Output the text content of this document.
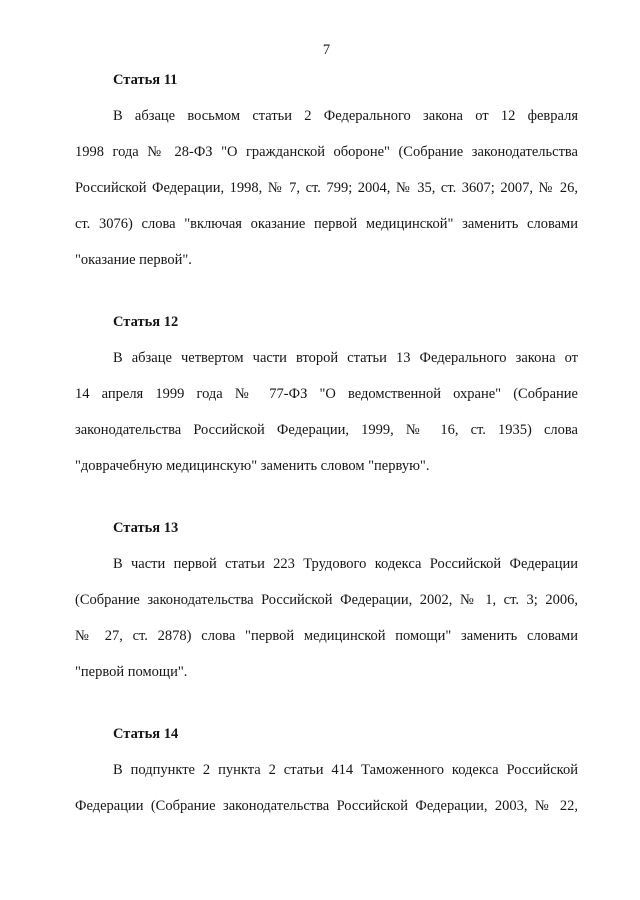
7
Статья 11
В абзаце восьмом статьи 2 Федерального закона от 12 февраля
1998 года № 28-ФЗ "О гражданской обороне" (Собрание законодательства
Российской Федерации, 1998, № 7, ст. 799; 2004, № 35, ст. 3607; 2007, № 26,
ст. 3076) слова "включая оказание первой медицинской" заменить словами
"оказание первой".
Статья 12
В абзаце четвертом части второй статьи 13 Федерального закона от
14 апреля 1999 года № 77-ФЗ "О ведомственной охране" (Собрание
законодательства Российской Федерации, 1999, № 16, ст. 1935) слова
"доврачебную медицинскую" заменить словом "первую".
Статья 13
В части первой статьи 223 Трудового кодекса Российской Федерации
(Собрание законодательства Российской Федерации, 2002, № 1, ст. 3; 2006,
№ 27, ст. 2878) слова "первой медицинской помощи" заменить словами
"первой помощи".
Статья 14
В подпункте 2 пункта 2 статьи 414 Таможенного кодекса Российской
Федерации (Собрание законодательства Российской Федерации, 2003, № 22,
